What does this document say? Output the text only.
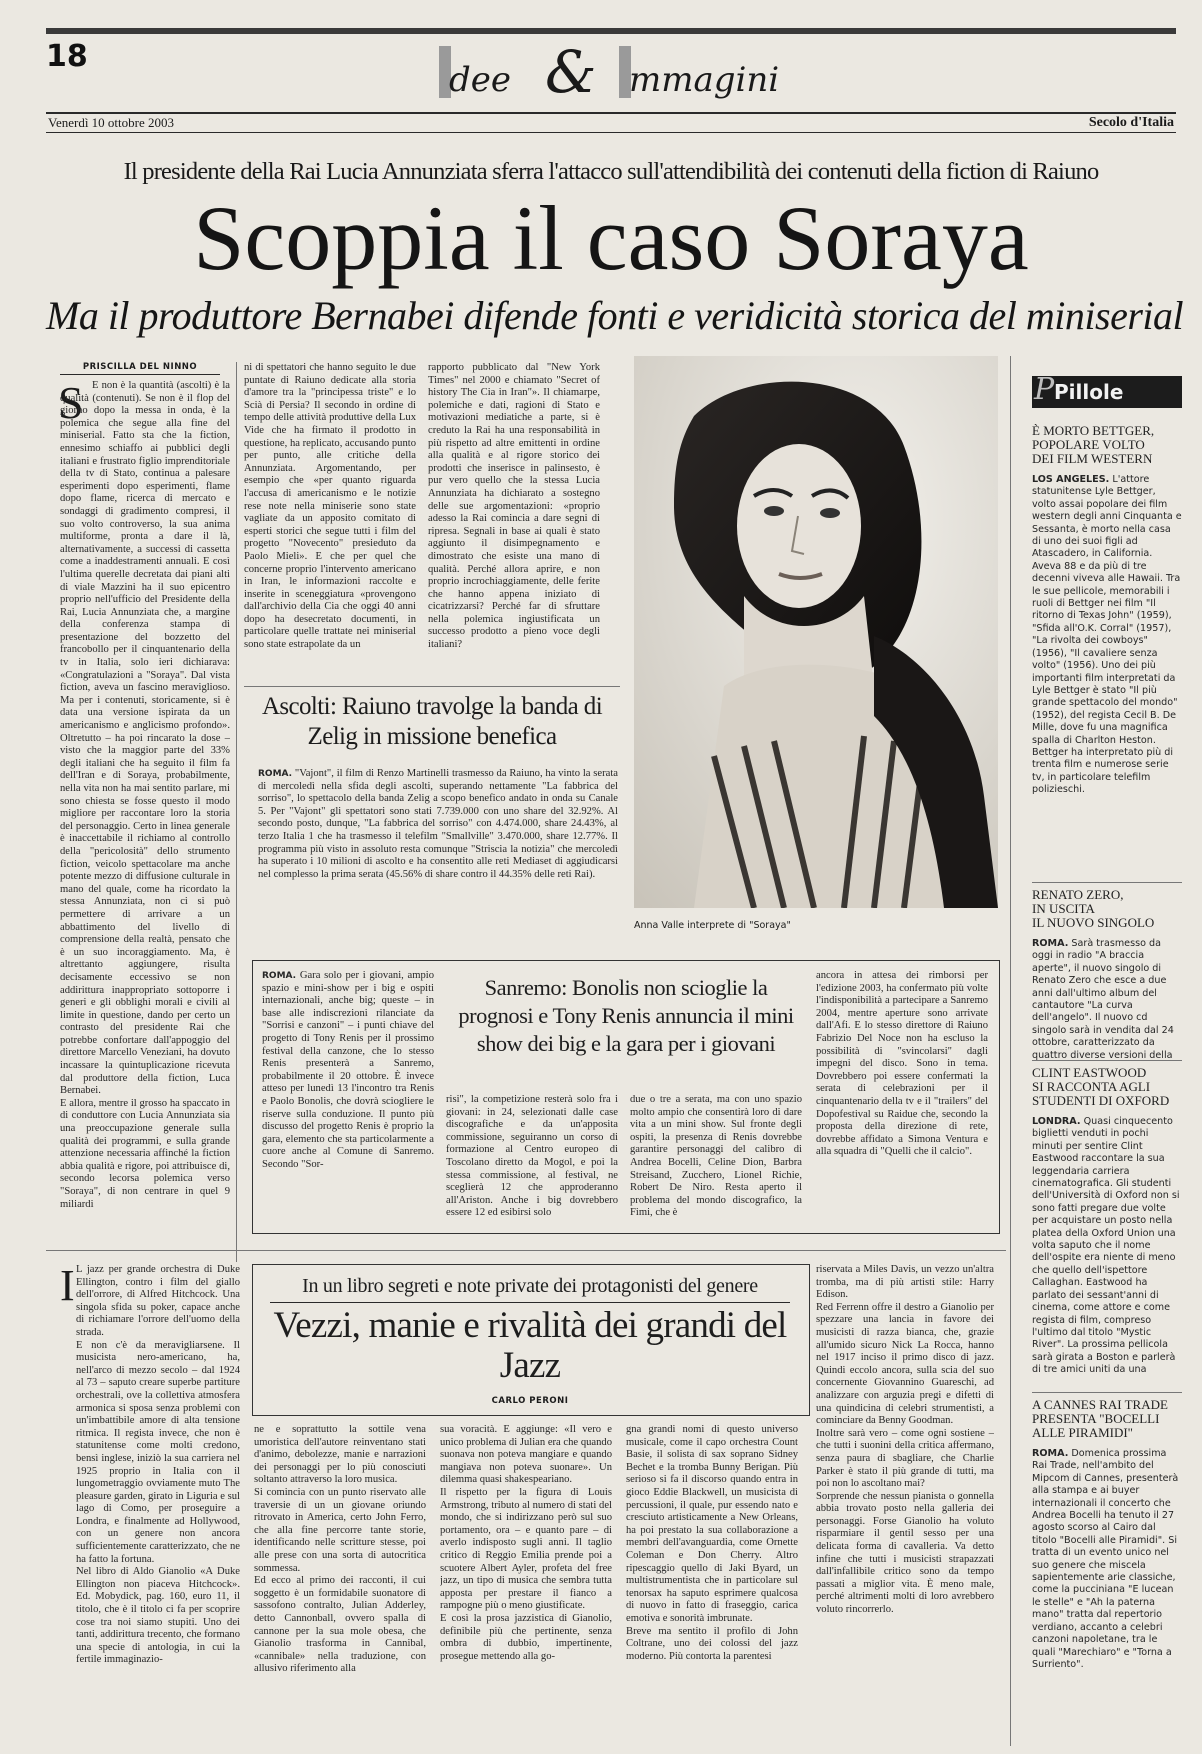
18
dee & mmagini
Venerdì 10 ottobre 2003	Secolo d'Italia
Il presidente della Rai Lucia Annunziata sferra l'attacco sull'attendibilità dei contenuti della fiction di Raiuno
Scoppia il caso Soraya
Ma il produttore Bernabei difende fonti e veridicità storica del miniserial
PRISCILLA DEL NINNO
S E non è la quantità (ascolti) è la qualità (contenuti). Se non è il flop del giorno dopo la messa in onda, è la polemica che segue alla fine del miniserial. Fatto sta che la fiction, ennesimo schiaffo ai pubblici degli italiani e frustrato figlio imprenditoriale della tv di Stato, continua a palesare esperimenti dopo esperimenti, flame dopo flame, ricerca di mercato e sondaggi di gradimento compresi, il suo volto controverso, la sua anima multiforme, pronta a dare il là, alternativamente, a successi di cassetta come a inaddestramenti annuali. E così l'ultima querelle decretata dai piani alti di viale Mazzini ha il suo epicentro proprio nell'ufficio del Presidente della Rai, Lucia Annunziata che, a margine della conferenza stampa di presentazione del bozzetto del francobollo per il cinquantenario della tv in Italia, solo ieri dichiarava: «Congratulazioni a "Soraya". Dal vista fiction, aveva un fascino meraviglioso. Ma per i contenuti, storicamente, si è data una versione ispirata da un americanismo e anglicismo profondo». Oltretutto – ha poi rincarato la dose – visto che la maggior parte del 33% degli italiani che ha seguito il film fa dell'Iran e di Soraya, probabilmente, nella vita non ha mai sentito parlare, mi sono chiesta se fosse questo il modo migliore per raccontare loro la storia del personaggio. Certo in linea generale è inaccettabile il richiamo al controllo della "pericolosità" dello strumento fiction, veicolo spettacolare ma anche potente mezzo di diffusione culturale in mano del quale, come ha ricordato la stessa Annunziata, non ci si può permettere di arrivare a un abbattimento del livello di comprensione della realtà, pensato che è un suo incoraggiamento. Ma, è altrettanto aggiungere, risulta decisamente eccessivo se non addirittura inappropriato sottoporre i generi e gli obblighi morali e civili al limite in questione, dando per certo un contrasto del presidente Rai che potrebbe confortare dall'appoggio del direttore Marcello Veneziani, ha dovuto incassare la quintuplicazione ricevuta dal produttore della fiction, Luca Bernabei.
E allora, mentre il grosso ha spaccato in di conduttore con Lucia Annunziata sia una preoccupazione generale sulla qualità dei programmi, e sulla grande attenzione necessaria affinché la fiction abbia qualità e rigore, poi attribuisce di, secondo lecorsa polemica verso "Soraya", di non centrare in quel 9 miliardi
ni di spettatori che hanno seguito le due puntate di Raiuno dedicate alla storia d'amore tra la "principessa triste" e lo Scià di Persia? Il secondo in ordine di tempo delle attività produttive della Lux Vide che ha firmato il prodotto in questione, ha replicato, accusando punto per punto, alle critiche della Annunziata. Argomentando, per esempio che «per quanto riguarda l'accusa di americanismo e le notizie rese note nella miniserie sono state vagliate da un apposito comitato di esperti storici che segue tutti i film del progetto "Novecento" presieduto da Paolo Mieli». E che per quel che concerne proprio l'intervento americano in Iran, le informazioni raccolte e inserite in sceneggiatura «provengono dall'archivio della Cia che oggi 40 anni dopo ha desecretato documenti, in particolare quelle trattate nei miniserial sono state estrapolate da un
rapporto pubblicato dal "New York Times" nel 2000 e chiamato "Secret of history The Cia in Iran"». Il chiamarpe, polemiche e dati, ragioni di Stato e motivazioni mediatiche a parte, si è creduto la Rai ha una responsabilità in più rispetto ad altre emittenti in ordine alla qualità e al rigore storico dei prodotti che inserisce in palinsesto, è pur vero quello che la stessa Lucia Annunziata ha dichiarato a sostegno delle sue argomentazioni: «proprio adesso la Rai comincia a dare segni di ripresa. Segnali in base ai quali è stato aggiunto il disimpegnamento e dimostrato che esiste una mano di qualità. Perché allora aprire, e non proprio incrochiaggiamente, delle ferite che hanno appena iniziato di cicatrizzarsi? Perché far di sfruttare nella polemica ingiustificata un successo prodotto a pieno voce degli italiani?
Anna Valle interprete di "Soraya"
Ascolti: Raiuno travolge la banda di Zelig in missione benefica
ROMA. "Vajont", il film di Renzo Martinelli trasmesso da Raiuno, ha vinto la serata di mercoledì nella sfida degli ascolti, superando nettamente "La fabbrica del sorriso", lo spettacolo della banda Zelig a scopo benefico andato in onda su Canale 5. Per "Vajont" gli spettatori sono stati 7.739.000 con uno share del 32.92%. Al secondo posto, dunque, "La fabbrica del sorriso" con 4.474.000, share 24.43%, al terzo Italia 1 che ha trasmesso il telefilm "Smallville" 3.470.000, share 12.77%. Il programma più visto in assoluto resta comunque "Striscia la notizia" che mercoledì ha superato i 10 milioni di ascolto e ha consentito alle reti Mediaset di aggiudicarsi nel complesso la prima serata (45.56% di share contro il 44.35% delle reti Rai).
ROMA. Gara solo per i giovani, ampio spazio e mini-show per i big e ospiti internazionali, anche big; queste – in base alle indiscrezioni rilanciate da "Sorrisi e canzoni" – i punti chiave del progetto di Tony Renis per il prossimo festival della canzone, che lo stesso Renis presenterà a Sanremo, probabilmente il 20 ottobre. È invece atteso per lunedì 13 l'incontro tra Renis e Paolo Bonolis, che dovrà sciogliere le riserve sulla conduzione. Il punto più discusso del progetto Renis è proprio la gara, elemento che sta particolarmente a cuore anche al Comune di Sanremo. Secondo "Sor-
Sanremo: Bonolis non scioglie la prognosi e Tony Renis annuncia il mini show dei big e la gara per i giovani
risi", la competizione resterà solo fra i giovani: in 24, selezionati dalle case discografiche e da un'apposita commissione, seguiranno un corso di formazione al Centro europeo di Toscolano diretto da Mogol, e poi la stessa commissione, al festival, ne sceglierà 12 che approderanno all'Ariston. Anche i big dovrebbero essere 12 ed esibirsi solo
due o tre a serata, ma con uno spazio molto ampio che consentirà loro di dare vita a un mini show. Sul fronte degli ospiti, la presenza di Renis dovrebbe garantire personaggi del calibro di Andrea Bocelli, Celine Dion, Barbra Streisand, Zucchero, Lionel Richie, Robert De Niro. Resta aperto il problema del mondo discografico, la Fimi, che è
ancora in attesa dei rimborsi per l'edizione 2003, ha confermato più volte l'indisponibilità a partecipare a Sanremo 2004, mentre aperture sono arrivate dall'Afi. E lo stesso direttore di Raiuno Fabrizio Del Noce non ha escluso la possibilità di "svincolarsi" dagli impegni del disco. Sono in tema. Dovrebbero poi essere confermati la serata di celebrazioni per il cinquantenario della tv e il "trailers" del Dopofestival su Raidue che, secondo la proposta della direzione di rete, dovrebbe affidato a Simona Ventura e alla squadra di "Quelli che il calcio".
In un libro segreti e note private dei protagonisti del genere
Vezzi, manie e rivalità dei grandi del Jazz
CARLO PERONI
I L jazz per grande orchestra di Duke Ellington, contro i film del giallo dell'orrore, di Alfred Hitchcock. Una singola sfida su poker, capace anche di richiamare l'orrore dell'uomo della strada.
E non c'è da meravigliarsene. Il musicista nero-americano, ha, nell'arco di mezzo secolo – dal 1924 al 73 – saputo creare superbe partiture orchestrali, ove la collettiva atmosfera armonica si sposa senza problemi con un'imbattibile amore di alta tensione ritmica. Il regista invece, che non è statunitense come molti credono, bensì inglese, iniziò la sua carriera nel 1925 proprio in Italia con il lungometraggio ovviamente muto The pleasure garden, girato in Liguria e sul lago di Como, per proseguire a Londra, e finalmente ad Hollywood, con un genere non ancora sufficientemente caratterizzato, che ne ha fatto la fortuna.
Nel libro di Aldo Gianolio «A Duke Ellington non piaceva Hitchcock». Ed. Mobydick, pag. 160, euro 11, il titolo, che è il titolo ci fa per scoprire cose tra noi siamo stupiti. Uno dei tanti, addirittura trecento, che formano una specie di antologia, in cui la fertile immaginazio-
ne e soprattutto la sottile vena umoristica dell'autore reinventano stati d'animo, debolezze, manie e narrazioni dei personaggi per lo più conosciuti soltanto attraverso la loro musica.
Si comincia con un punto riservato alle traversie di un un giovane oriundo ritrovato in America, certo John Ferro, che alla fine percorre tante storie, identificando nelle scritture stesse, poi alle prese con una sorta di autocritica sommessa.
Ed ecco al primo dei racconti, il cui soggetto è un formidabile suonatore di sassofono contralto, Julian Adderley, detto Cannonball, ovvero spalla di cannone per la sua mole obesa, che Gianolio trasforma in Cannibal, «cannibale» nella traduzione, con allusivo riferimento alla
sua voracità. E aggiunge: «Il vero e unico problema di Julian era che quando suonava non poteva mangiare e quando mangiava non poteva suonare». Un dilemma quasi shakespeariano.
Il rispetto per la figura di Louis Armstrong, tributo al numero di stati del mondo, che si indirizzano però sul suo portamento, ora – e quanto pare – di averlo indisposto sugli anni. Il taglio critico di Reggio Emilia prende poi a scuotere Albert Ayler, profeta del free jazz, un tipo di musica che sembra tutta apposta per prestare il fianco a rampogne più o meno giustificate.
E così la prosa jazzistica di Gianolio, definibile più che pertinente, senza ombra di dubbio, impertinente, prosegue mettendo alla go-
gna grandi nomi di questo universo musicale, come il capo orchestra Count Basie, il solista di sax soprano Sidney Bechet e la tromba Bunny Berigan. Più serioso si fa il discorso quando entra in gioco Eddie Blackwell, un musicista di percussioni, il quale, pur essendo nato e cresciuto artisticamente a New Orleans, ha poi prestato la sua collaborazione a membri dell'avanguardia, come Ornette Coleman e Don Cherry. Altro ripescaggio quello di Jaki Byard, un multistrumentista che in particolare sul tenorsax ha saputo esprimere qualcosa di nuovo in fatto di fraseggio, carica emotiva e sonorità imbrunate.
Breve ma sentito il profilo di John Coltrane, uno dei colossi del jazz moderno. Più contorta la parentesi
riservata a Miles Davis, un vezzo un'altra tromba, ma di più artisti stile: Harry Edison.
Red Ferrenn offre il destro a Gianolio per spezzare una lancia in favore dei musicisti di razza bianca, che, grazie all'umido sicuro Nick La Rocca, hanno nel 1917 inciso il primo disco di jazz. Quindi eccolo ancora, sulla scia del suo concernente Giovannino Guareschi, ad analizzare con arguzia pregi e difetti di una quindicina di celebri strumentisti, a cominciare da Benny Goodman.
Inoltre sarà vero – come ogni sostiene – che tutti i suonini della critica affermano, senza paura di sbagliare, che Charlie Parker è stato il più grande di tutti, ma poi non lo ascoltano mai?
Sorprende che nessun pianista o gonnella abbia trovato posto nella galleria dei personaggi. Forse Gianolio ha voluto risparmiare il gentil sesso per una delicata forma di cavalleria. Va detto infine che tutti i musicisti strapazzati dall'infallibile critico sono da tempo passati a miglior vita. È meno male, perché altrimenti molti di loro avrebbero voluto rincorrerlo.
P Pillole
È MORTO BETTGER,
POPOLARE VOLTO
DEI FILM WESTERN
LOS ANGELES. L'attore statunitense Lyle Bettger, volto assai popolare dei film western degli anni Cinquanta e Sessanta, è morto nella casa di uno dei suoi figli ad Atascadero, in California. Aveva 88 e da più di tre decenni viveva alle Hawaii. Tra le sue pellicole, memorabili i ruoli di Bettger nei film "Il ritorno di Texas John" (1959), "Sfida all'O.K. Corral" (1957), "La rivolta dei cowboys" (1956), "Il cavaliere senza volto" (1956). Uno dei più importanti film interpretati da Lyle Bettger è stato "Il più grande spettacolo del mondo" (1952), del regista Cecil B. De Mille, dove fu una magnifica spalla di Charlton Heston. Bettger ha interpretato più di trenta film e numerose serie tv, in particolare telefilm polizieschi.
RENATO ZERO,
IN USCITA
IL NUOVO SINGOLO
ROMA. Sarà trasmesso da oggi in radio "A braccia aperte", il nuovo singolo di Renato Zero che esce a due anni dall'ultimo album del cantautore "La curva dell'angelo". Il nuovo cd singolo sarà in vendita dal 24 ottobre, caratterizzato da quattro diverse versioni della
CLINT EASTWOOD
SI RACCONTA AGLI
STUDENTI DI OXFORD
LONDRA. Quasi cinquecento biglietti venduti in pochi minuti per sentire Clint Eastwood raccontare la sua leggendaria carriera cinematografica. Gli studenti dell'Università di Oxford non si sono fatti pregare due volte per acquistare un posto nella platea della Oxford Union una volta saputo che il nome dell'ospite era niente di meno che quello dell'ispettore Callaghan. Eastwood ha parlato dei sessant'anni di cinema, come attore e come regista di film, compreso l'ultimo dal titolo "Mystic River". La prossima pellicola sarà girata a Boston e parlerà di tre amici uniti da una
A CANNES RAI TRADE
PRESENTA "BOCELLI
ALLE PIRAMIDI"
ROMA. Domenica prossima Rai Trade, nell'ambito del Mipcom di Cannes, presenterà alla stampa e ai buyer internazionali il concerto che Andrea Bocelli ha tenuto il 27 agosto scorso al Cairo dal titolo "Bocelli alle Piramidi". Si tratta di un evento unico nel suo genere che miscela sapientemente arie classiche, come la pucciniana "E lucean le stelle" e "Ah la paterna mano" tratta dal repertorio verdiano, accanto a celebri canzoni napoletane, tra le quali "Marechiaro" e "Torna a Surriento".
